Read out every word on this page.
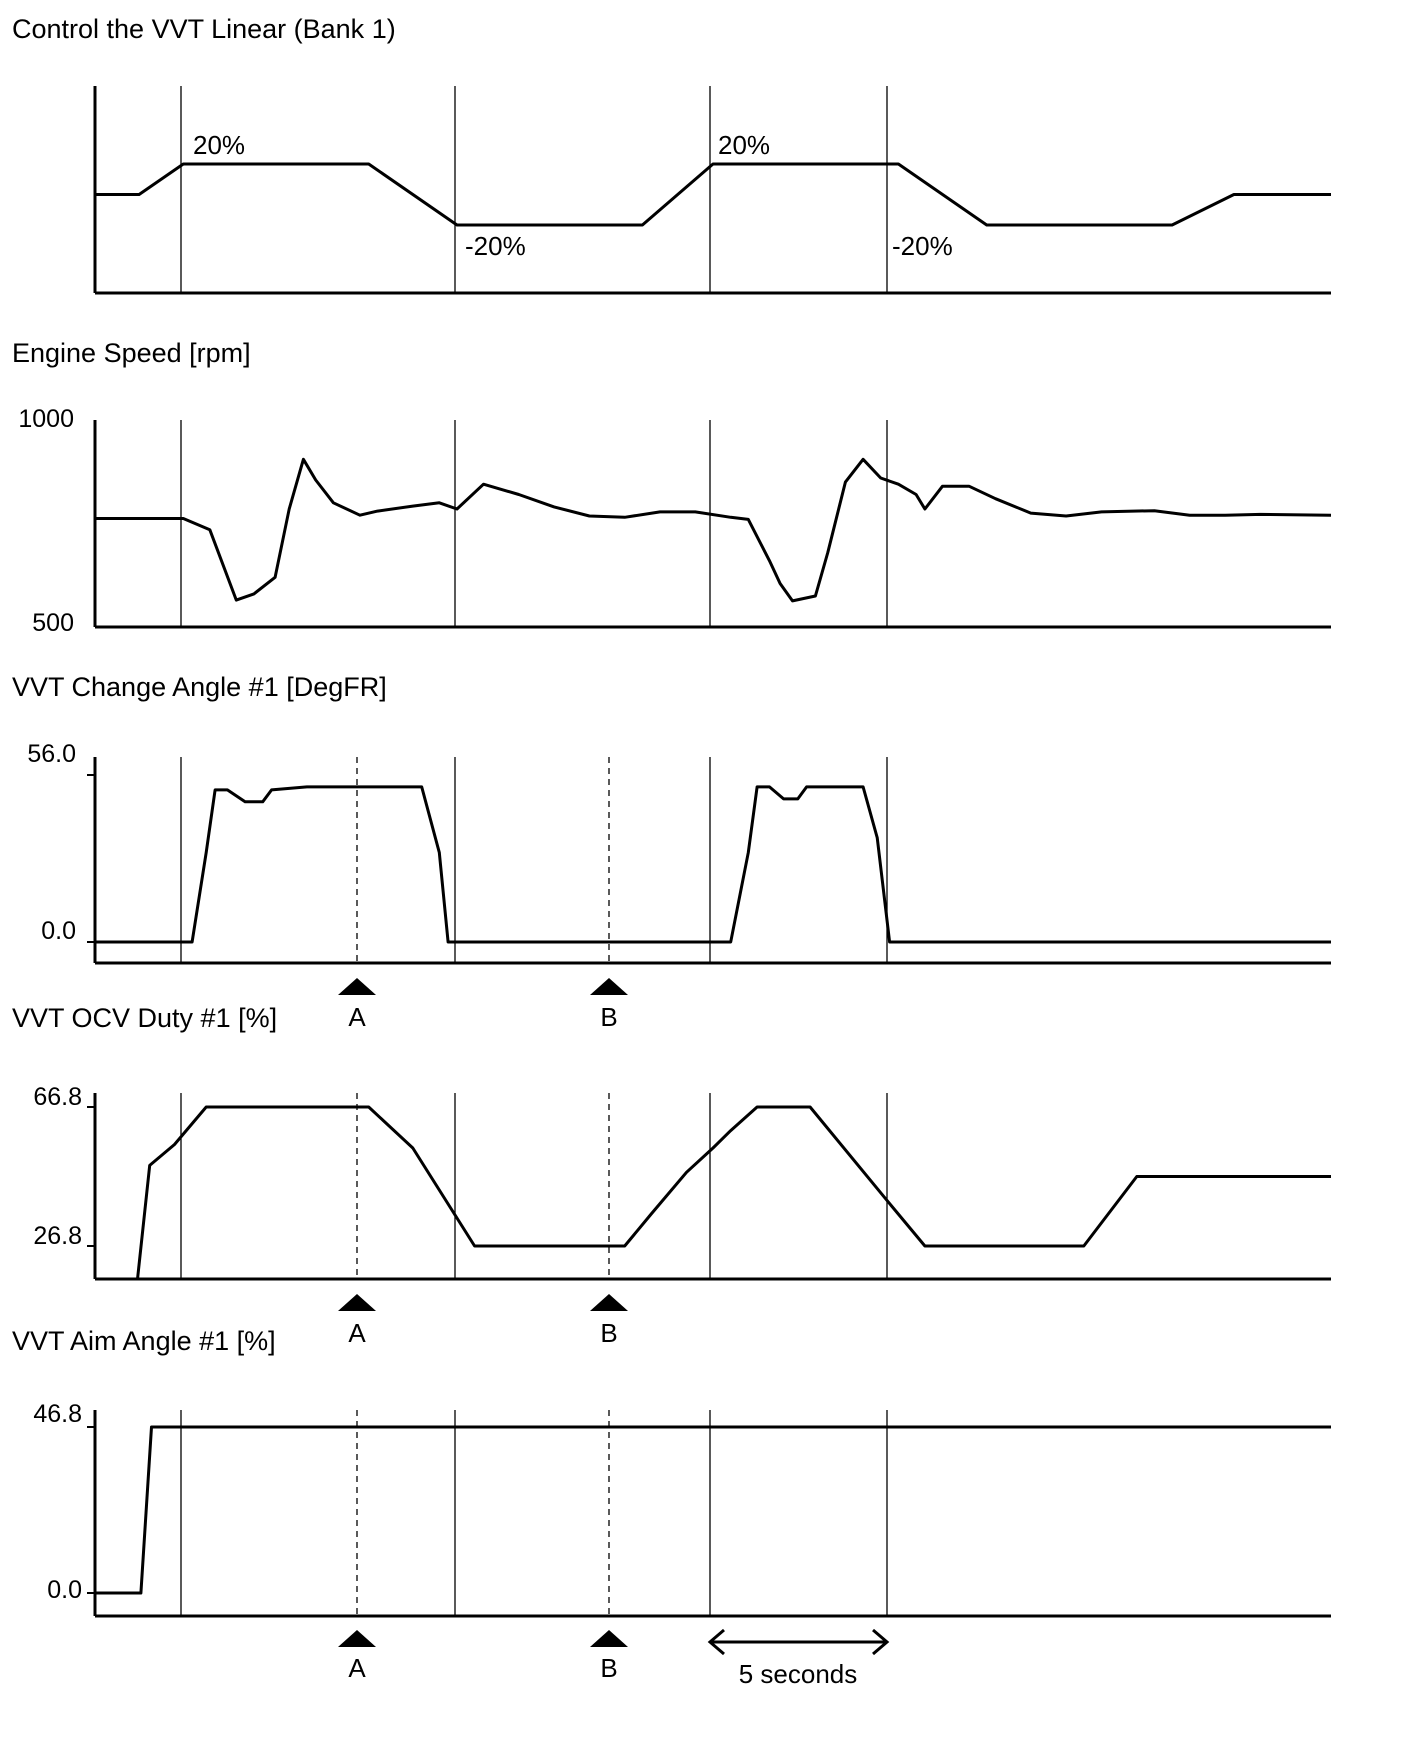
Control the VVT Linear (Bank 1)
20%
-20%
20%
-20%
Engine Speed [rpm]
1000
500
VVT Change Angle #1 [DegFR]
56.0
0.0
VVT OCV Duty #1 [%]
66.8
26.8
VVT Aim Angle #1 [%]
46.8
0.0
A	B
A	B
A	B	5 seconds
